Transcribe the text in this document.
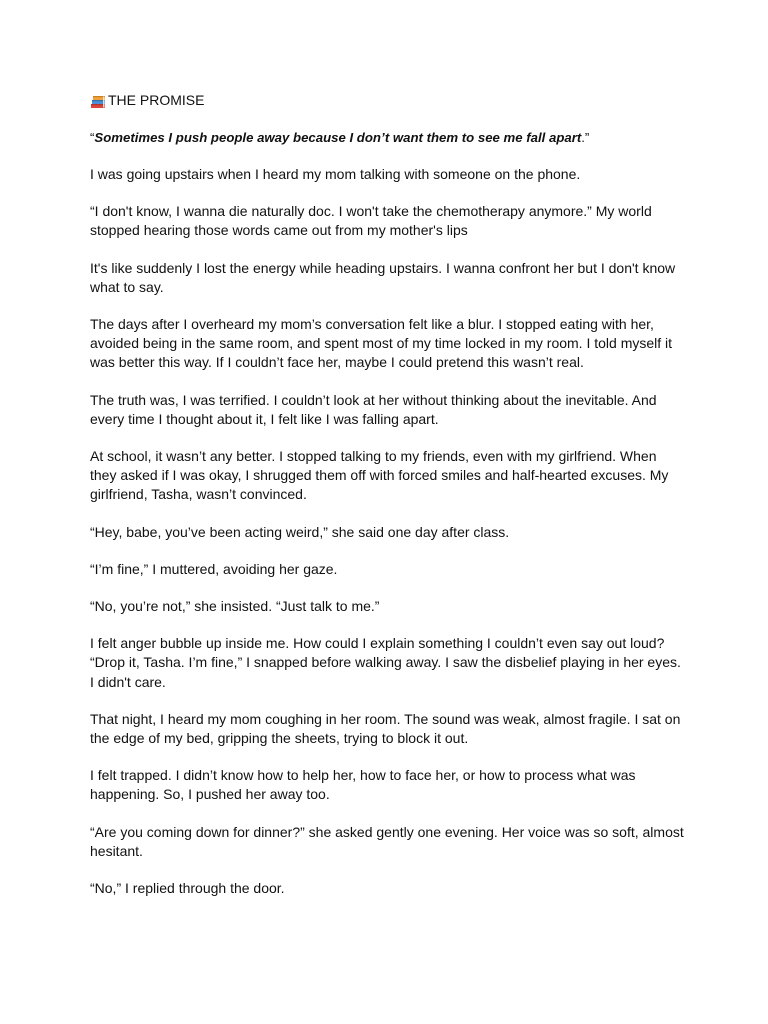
THE PROMISE
“Sometimes I push people away because I don’t want them to see me fall apart.”
I was going upstairs when I heard my mom talking with someone on the phone.
“I don't know, I wanna die naturally doc. I won't take the chemotherapy anymore.” My world
stopped hearing those words came out from my mother's lips
It's like suddenly I lost the energy while heading upstairs. I wanna confront her but I don't know
what to say.
The days after I overheard my mom’s conversation felt like a blur. I stopped eating with her,
avoided being in the same room, and spent most of my time locked in my room. I told myself it
was better this way. If I couldn’t face her, maybe I could pretend this wasn’t real.
The truth was, I was terrified. I couldn’t look at her without thinking about the inevitable. And
every time I thought about it, I felt like I was falling apart.
At school, it wasn’t any better. I stopped talking to my friends, even with my girlfriend. When
they asked if I was okay, I shrugged them off with forced smiles and half-hearted excuses. My
girlfriend, Tasha, wasn’t convinced.
“Hey, babe, you’ve been acting weird,” she said one day after class.
“I’m fine,” I muttered, avoiding her gaze.
“No, you’re not,” she insisted. “Just talk to me.”
I felt anger bubble up inside me. How could I explain something I couldn’t even say out loud?
“Drop it, Tasha. I’m fine,” I snapped before walking away. I saw the disbelief playing in her eyes.
I didn't care.
That night, I heard my mom coughing in her room. The sound was weak, almost fragile. I sat on
the edge of my bed, gripping the sheets, trying to block it out.
I felt trapped. I didn’t know how to help her, how to face her, or how to process what was
happening. So, I pushed her away too.
“Are you coming down for dinner?” she asked gently one evening. Her voice was so soft, almost
hesitant.
“No,” I replied through the door.
